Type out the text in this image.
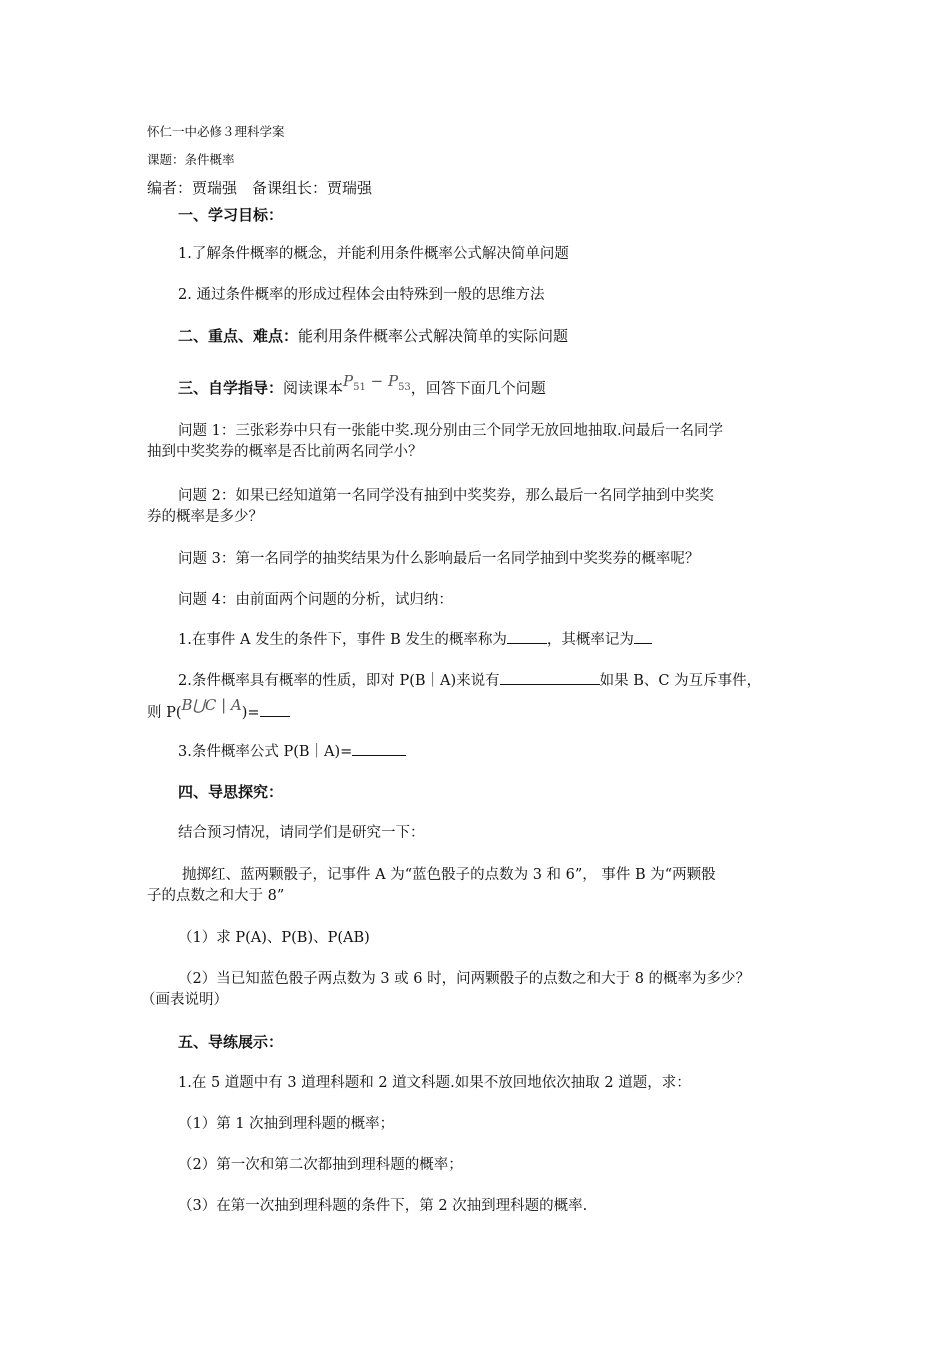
怀仁一中必修３理科学案
课题：条件概率
编者：贾瑞强　备课组长：贾瑞强
一、学习目标：
1.了解条件概率的概念，并能利用条件概率公式解决简单问题
2. 通过条件概率的形成过程体会由特殊到一般的思维方法
二、重点、难点：能利用条件概率公式解决简单的实际问题
三、自学指导：阅读课本$P_{51} - P_{53}$，回答下面几个问题
问题 1：三张彩券中只有一张能中奖.现分别由三个同学无放回地抽取.问最后一名同学
抽到中奖奖券的概率是否比前两名同学小？
问题 2：如果已经知道第一名同学没有抽到中奖奖券，那么最后一名同学抽到中奖奖
券的概率是多少？
问题 3：第一名同学的抽奖结果为什么影响最后一名同学抽到中奖奖券的概率呢？
问题 4：由前面两个问题的分析，试归纳：
1.在事件 A 发生的条件下，事件 B 发生的概率称为	，其概率记为
2.条件概率具有概率的性质，即对 P(B｜A)来说有	如果 B、C 为互斥事件，
则 P(B⋃C | A)=
3.条件概率公式 P(B｜A)=
四、导思探究：
结合预习情况，请同学们是研究一下：
抛掷红、蓝两颗骰子，记事件 A 为“蓝色骰子的点数为 3 和 6”， 事件 B 为“两颗骰
子的点数之和大于 8”
（1）求 P(A)、P(B)、P(AB)
（2）当已知蓝色骰子两点数为 3 或 6 时，问两颗骰子的点数之和大于 8 的概率为多少？
（画表说明）
五、导练展示：
1.在 5 道题中有 3 道理科题和 2 道文科题.如果不放回地依次抽取 2 道题，求：
（1）第 1 次抽到理科题的概率；
（2）第一次和第二次都抽到理科题的概率；
（3）在第一次抽到理科题的条件下，第 2 次抽到理科题的概率.
